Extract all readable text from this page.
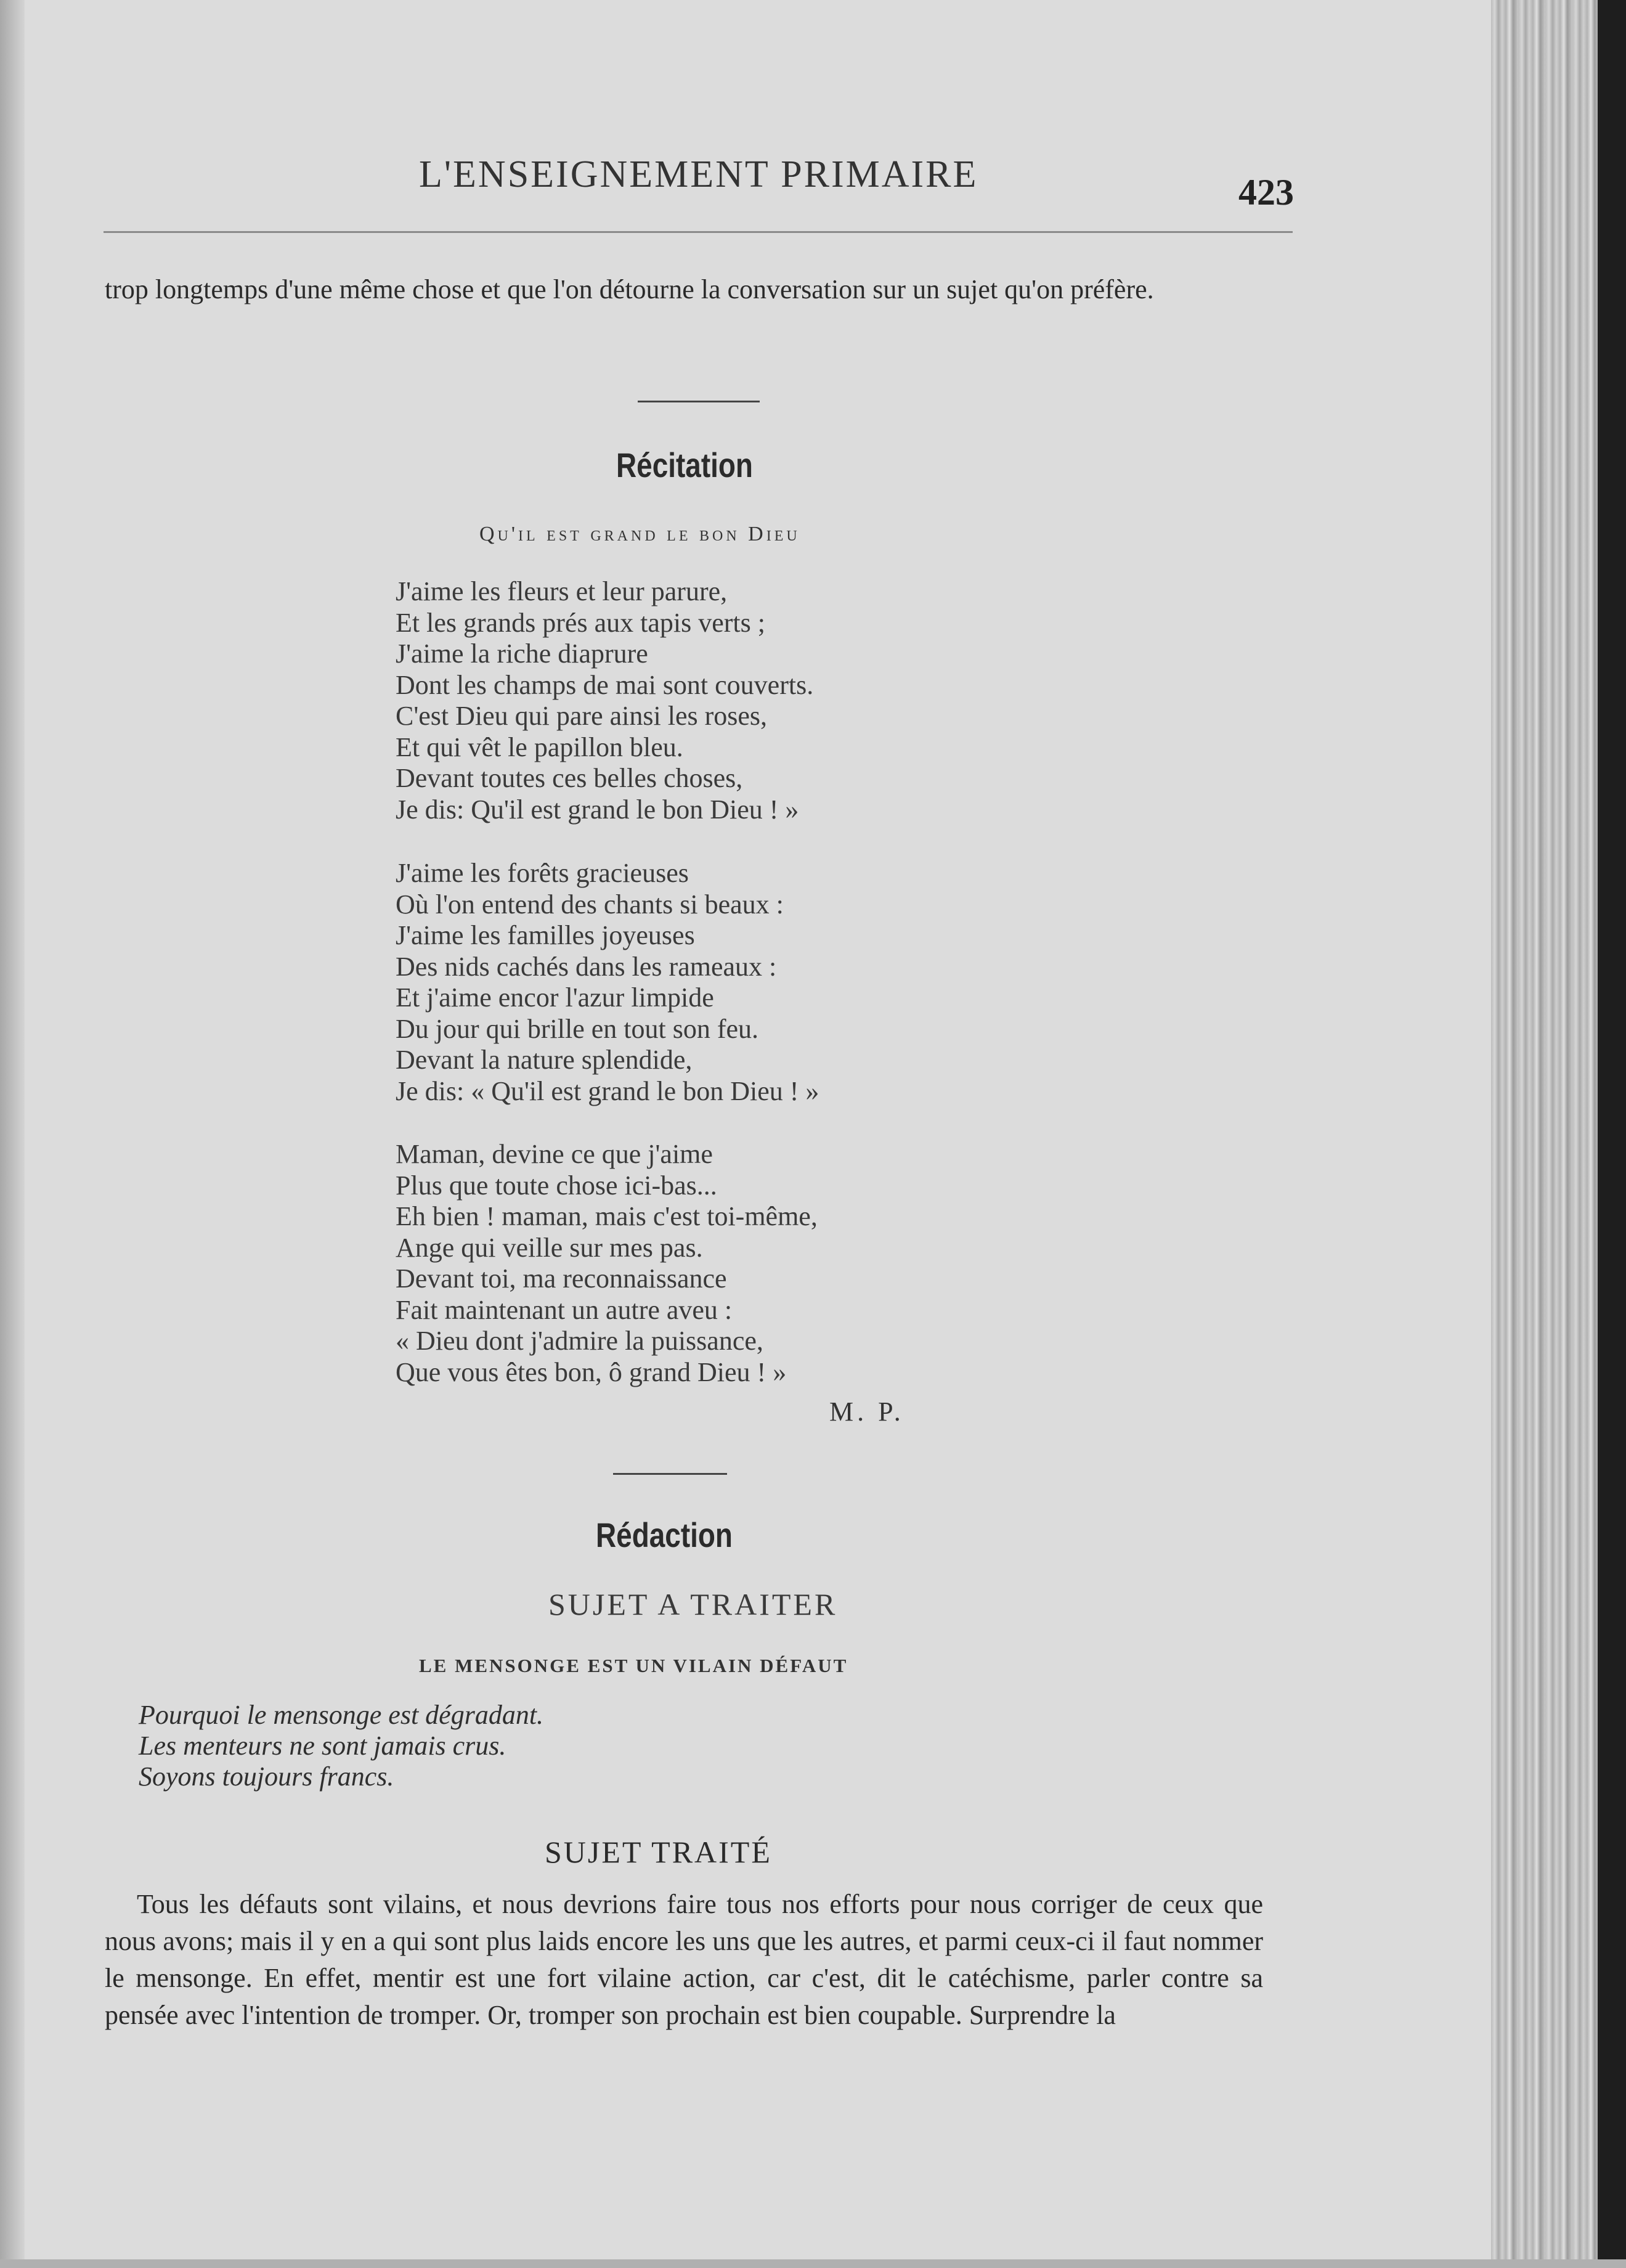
L'ENSEIGNEMENT PRIMAIRE	423
trop longtemps d'une même chose et que l'on détourne la conversation sur un sujet qu'on préfère.
Récitation
Qu'il est grand le bon Dieu
J'aime les fleurs et leur parure,
Et les grands prés aux tapis verts ;
J'aime la riche diaprure
Dont les champs de mai sont couverts.
C'est Dieu qui pare ainsi les roses,
Et qui vêt le papillon bleu.
Devant toutes ces belles choses,
Je dis: Qu'il est grand le bon Dieu ! »
J'aime les forêts gracieuses
Où l'on entend des chants si beaux :
J'aime les familles joyeuses
Des nids cachés dans les rameaux :
Et j'aime encor l'azur limpide
Du jour qui brille en tout son feu.
Devant la nature splendide,
Je dis: « Qu'il est grand le bon Dieu ! »
Maman, devine ce que j'aime
Plus que toute chose ici-bas...
Eh bien ! maman, mais c'est toi-même,
Ange qui veille sur mes pas.
Devant toi, ma reconnaissance
Fait maintenant un autre aveu :
« Dieu dont j'admire la puissance,
Que vous êtes bon, ô grand Dieu ! »
M. P.
Rédaction
SUJET A TRAITER
LE MENSONGE EST UN VILAIN DÉFAUT
Pourquoi le mensonge est dégradant.
Les menteurs ne sont jamais crus.
Soyons toujours francs.
SUJET TRAITÉ
Tous les défauts sont vilains, et nous devrions faire tous nos efforts pour nous corriger de ceux que nous avons; mais il y en a qui sont plus laids encore les uns que les autres, et parmi ceux-ci il faut nommer le mensonge. En effet, mentir est une fort vilaine action, car c'est, dit le catéchisme, parler contre sa pensée avec l'intention de tromper. Or, tromper son prochain est bien coupable. Surprendre la
